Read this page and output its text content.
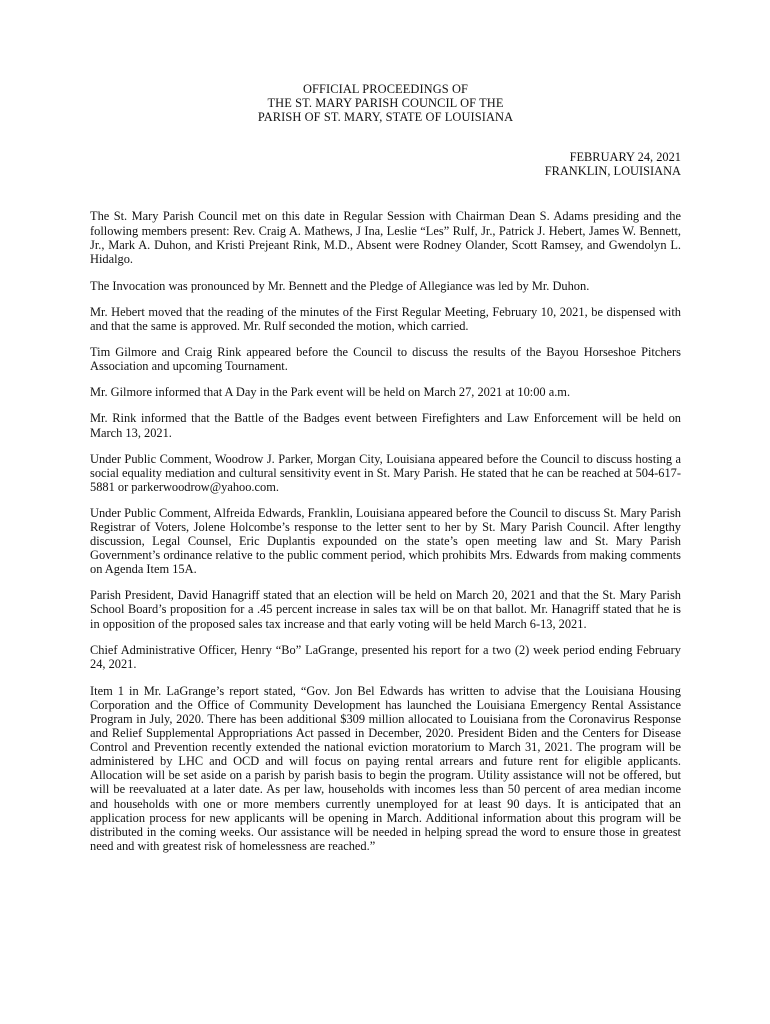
OFFICIAL PROCEEDINGS OF
THE ST. MARY PARISH COUNCIL OF THE
PARISH OF ST. MARY, STATE OF LOUISIANA
FEBRUARY 24, 2021
FRANKLIN, LOUISIANA

The St. Mary Parish Council met on this date in Regular Session with Chairman Dean S. Adams presiding and the following members present: Rev. Craig A. Mathews, J Ina, Leslie “Les” Rulf, Jr., Patrick J. Hebert, James W. Bennett, Jr., Mark A. Duhon, and Kristi Prejeant Rink, M.D., Absent were Rodney Olander, Scott Ramsey, and Gwendolyn L. Hidalgo.

The Invocation was pronounced by Mr. Bennett and the Pledge of Allegiance was led by Mr. Duhon.

Mr. Hebert moved that the reading of the minutes of the First Regular Meeting, February 10, 2021, be dispensed with and that the same is approved. Mr. Rulf seconded the motion, which carried.

Tim Gilmore and Craig Rink appeared before the Council to discuss the results of the Bayou Horseshoe Pitchers Association and upcoming Tournament.

Mr. Gilmore informed that A Day in the Park event will be held on March 27, 2021 at 10:00 a.m.

Mr. Rink informed that the Battle of the Badges event between Firefighters and Law Enforcement will be held on March 13, 2021.

Under Public Comment, Woodrow J. Parker, Morgan City, Louisiana appeared before the Council to discuss hosting a social equality mediation and cultural sensitivity event in St. Mary Parish. He stated that he can be reached at 504-617-5881 or parkerwoodrow@yahoo.com.

Under Public Comment, Alfreida Edwards, Franklin, Louisiana appeared before the Council to discuss St. Mary Parish Registrar of Voters, Jolene Holcombe’s response to the letter sent to her by St. Mary Parish Council. After lengthy discussion, Legal Counsel, Eric Duplantis expounded on the state’s open meeting law and St. Mary Parish Government’s ordinance relative to the public comment period, which prohibits Mrs. Edwards from making comments on Agenda Item 15A.

Parish President, David Hanagriff stated that an election will be held on March 20, 2021 and that the St. Mary Parish School Board’s proposition for a .45 percent increase in sales tax will be on that ballot. Mr. Hanagriff stated that he is in opposition of the proposed sales tax increase and that early voting will be held March 6-13, 2021.

Chief Administrative Officer, Henry “Bo” LaGrange, presented his report for a two (2) week period ending February 24, 2021.

Item 1 in Mr. LaGrange’s report stated, “Gov. Jon Bel Edwards has written to advise that the Louisiana Housing Corporation and the Office of Community Development has launched the Louisiana Emergency Rental Assistance Program in July, 2020. There has been additional $309 million allocated to Louisiana from the Coronavirus Response and Relief Supplemental Appropriations Act passed in December, 2020. President Biden and the Centers for Disease Control and Prevention recently extended the national eviction moratorium to March 31, 2021. The program will be administered by LHC and OCD and will focus on paying rental arrears and future rent for eligible applicants. Allocation will be set aside on a parish by parish basis to begin the program. Utility assistance will not be offered, but will be reevaluated at a later date. As per law, households with incomes less than 50 percent of area median income and households with one or more members currently unemployed for at least 90 days. It is anticipated that an application process for new applicants will be opening in March. Additional information about this program will be distributed in the coming weeks. Our assistance will be needed in helping spread the word to ensure those in greatest need and with greatest risk of homelessness are reached.”
